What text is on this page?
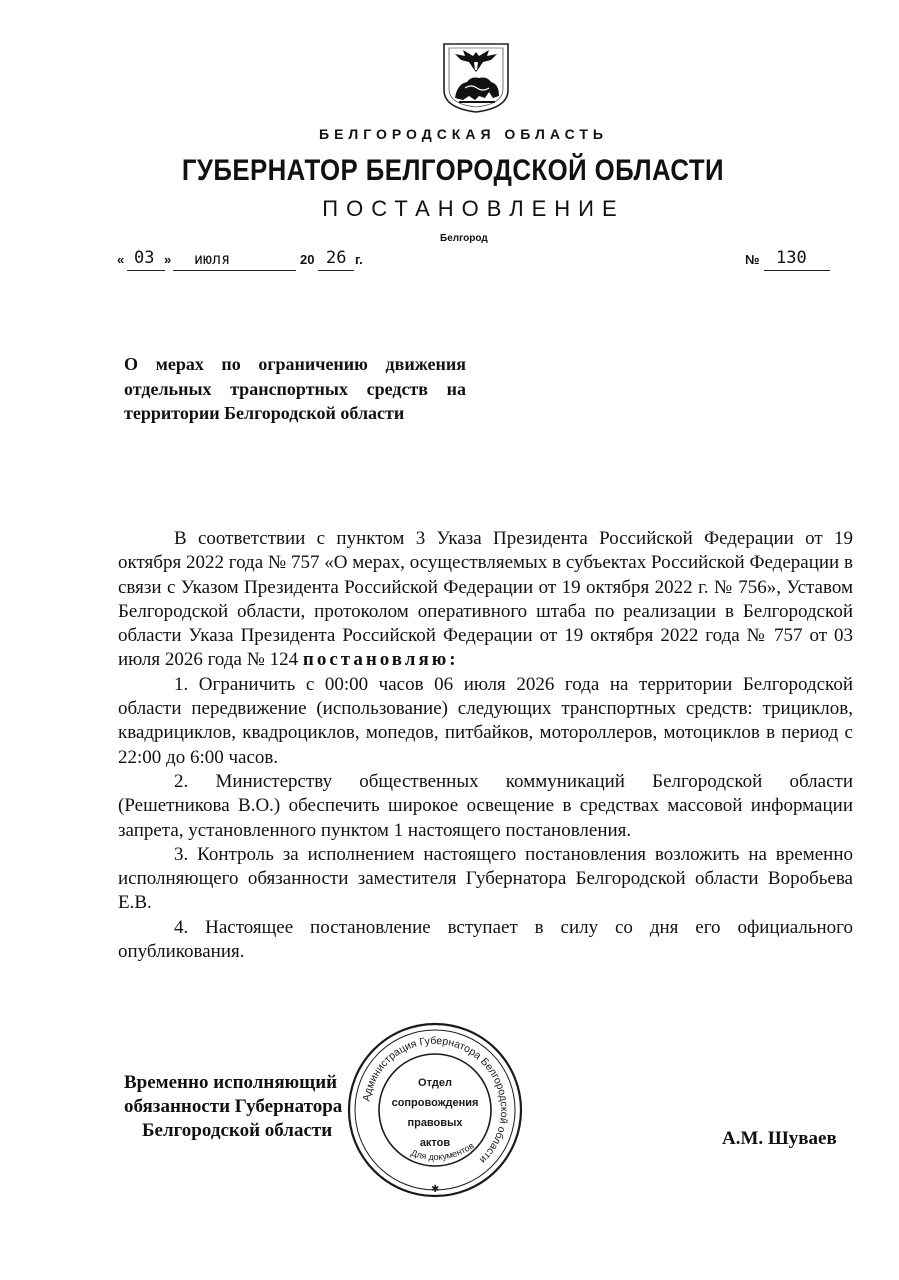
БЕЛГОРОДСКАЯ ОБЛАСТЬ
ГУБЕРНАТОР БЕЛГОРОДСКОЙ ОБЛАСТИ
ПОСТАНОВЛЕНИЕ
Белгород
« 03 » июля	20 26 г.	№ 130
О мерах по ограничению движения отдельных транспортных средств на территории Белгородской области

В соответствии с пунктом 3 Указа Президента Российской Федерации от 19 октября 2022 года № 757 «О мерах, осуществляемых в субъектах Российской Федерации в связи с Указом Президента Российской Федерации от 19 октября 2022 г. № 756», Уставом Белгородской области, протоколом оперативного штаба по реализации в Белгородской области Указа Президента Российской Федерации от 19 октября 2022 года № 757 от 03 июля 2026 года № 124 постановляю:

1. Ограничить с 00:00 часов 06 июля 2026 года на территории Белгородской области передвижение (использование) следующих транспортных средств: трициклов, квадрициклов, квадроциклов, мопедов, питбайков, мотороллеров, мотоциклов в период с 22:00 до 6:00 часов.

2. Министерству общественных коммуникаций Белгородской области (Решетникова В.О.) обеспечить широкое освещение в средствах массовой информации запрета, установленного пунктом 1 настоящего постановления.

3. Контроль за исполнением настоящего постановления возложить на временно исполняющего обязанности заместителя Губернатора Белгородской области Воробьева Е.В.

4. Настоящее постановление вступает в силу со дня его официального опубликования.

Временно исполняющий
обязанности Губернатора
Белгородской области	А.М. Шуваев
Администрация Губернатора Белгородской области
Для документов
Отдел
сопровождения
правовых
актов
✱
